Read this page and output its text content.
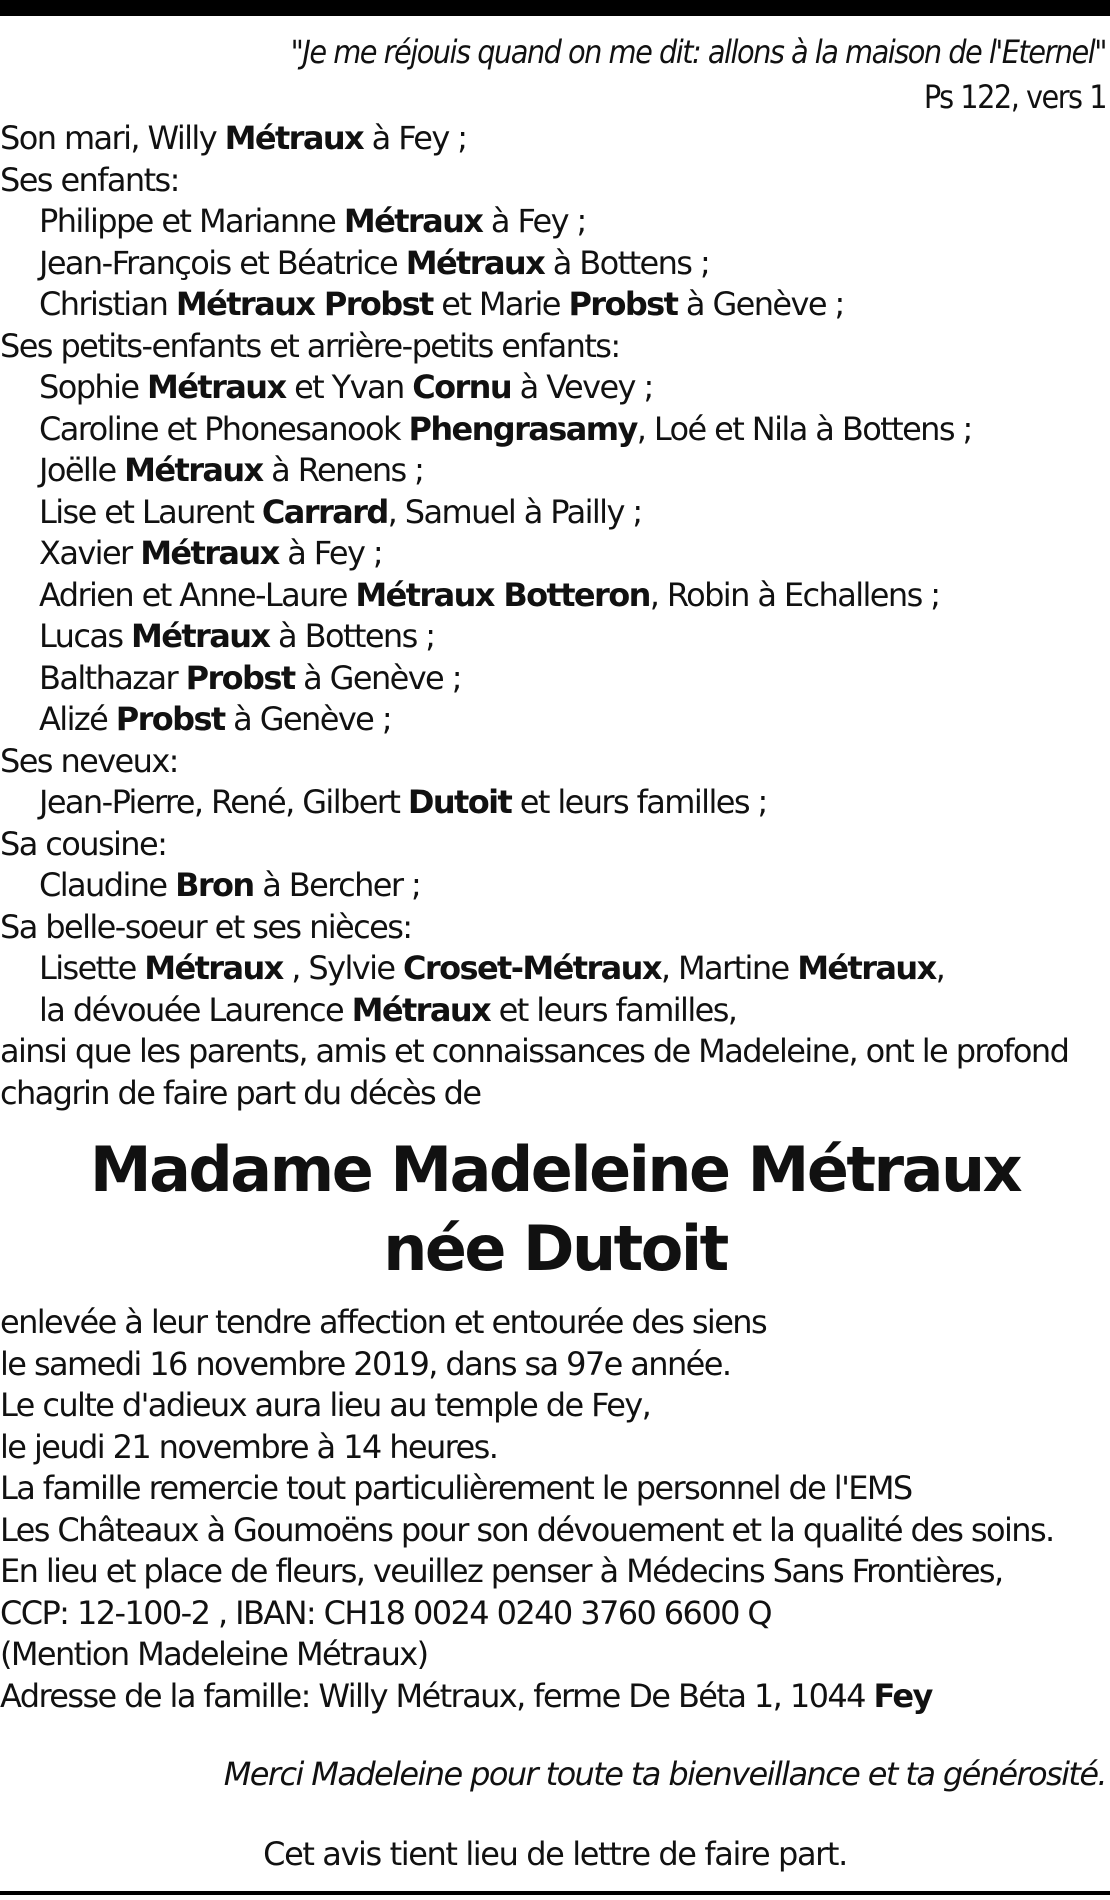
"Je me réjouis quand on me dit: allons à la maison de l'Eternel"
Ps 122, vers 1
Son mari, Willy Métraux à Fey ;
Ses enfants:
Philippe et Marianne Métraux à Fey ;
Jean-François et Béatrice Métraux à Bottens ;
Christian Métraux Probst et Marie Probst à Genève ;
Ses petits-enfants et arrière-petits enfants:
Sophie Métraux et Yvan Cornu à Vevey ;
Caroline et Phonesanook Phengrasamy, Loé et Nila à Bottens ;
Joëlle Métraux à Renens ;
Lise et Laurent Carrard, Samuel à Pailly ;
Xavier Métraux à Fey ;
Adrien et Anne-Laure Métraux Botteron, Robin à Echallens ;
Lucas Métraux à Bottens ;
Balthazar Probst à Genève ;
Alizé Probst à Genève ;
Ses neveux:
Jean-Pierre, René, Gilbert Dutoit et leurs familles ;
Sa cousine:
Claudine Bron à Bercher ;
Sa belle-soeur et ses nièces:
Lisette Métraux , Sylvie Croset-Métraux, Martine Métraux,
la dévouée Laurence Métraux et leurs familles,
ainsi que les parents, amis et connaissances de Madeleine, ont le profond
chagrin de faire part du décès de
Madame Madeleine Métraux
née Dutoit
enlevée à leur tendre affection et entourée des siens
le samedi 16 novembre 2019, dans sa 97e année.
Le culte d'adieux aura lieu au temple de Fey,
le jeudi 21 novembre à 14 heures.
La famille remercie tout particulièrement le personnel de l'EMS
Les Châteaux à Goumoëns pour son dévouement et la qualité des soins.
En lieu et place de fleurs, veuillez penser à Médecins Sans Frontières,
CCP: 12-100-2 , IBAN: CH18 0024 0240 3760 6600 Q
(Mention Madeleine Métraux)
Adresse de la famille: Willy Métraux, ferme De Béta 1, 1044 Fey
Merci Madeleine pour toute ta bienveillance et ta générosité.
Cet avis tient lieu de lettre de faire part.
